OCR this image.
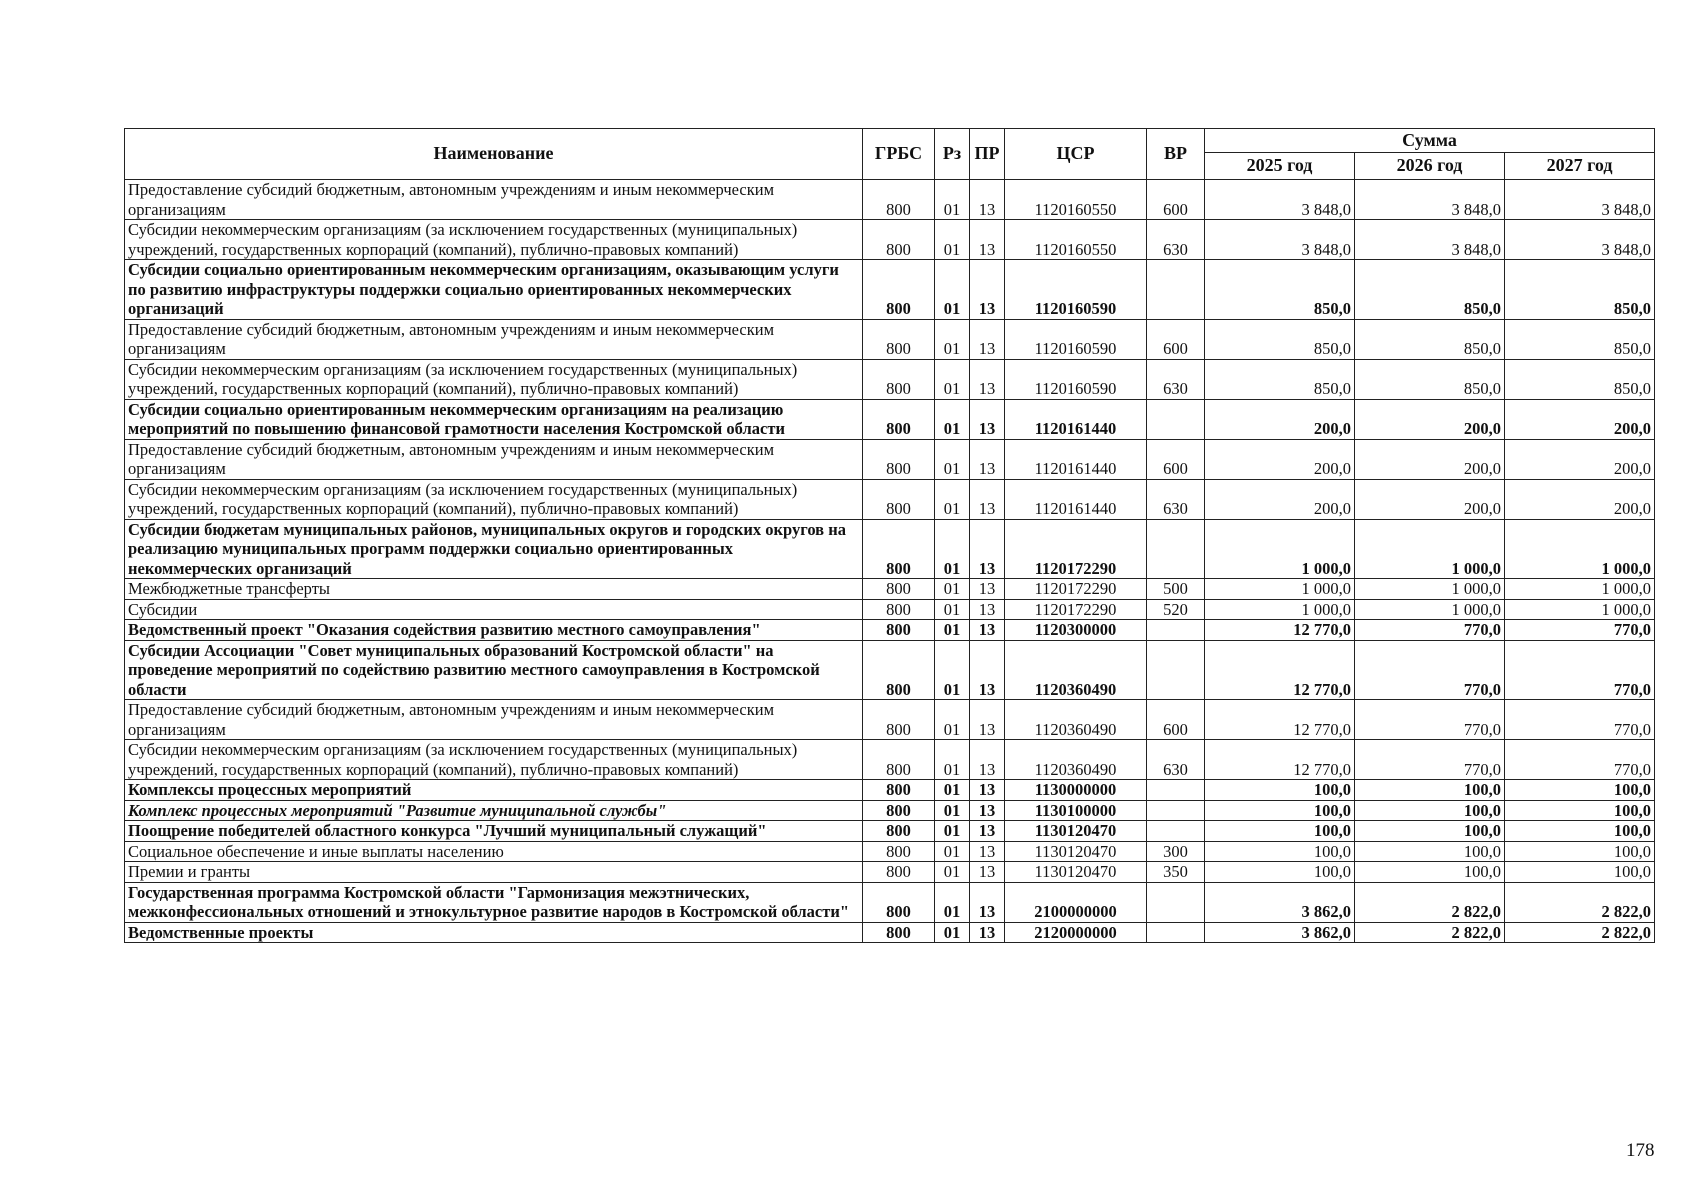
Наименование	ГРБС	Рз	ПР	ЦСР	ВР	Сумма		
						2025 год	2026 год	2027 год
Предоставление субсидий бюджетным, автономным учреждениям и иным некоммерческим организациям	800	01	13	1120160550	600	3 848,0	3 848,0	3 848,0
Субсидии некоммерческим организациям (за исключением государственных (муниципальных) учреждений, государственных корпораций (компаний), публично-правовых компаний)	800	01	13	1120160550	630	3 848,0	3 848,0	3 848,0
Субсидии социально ориентированным некоммерческим организациям, оказывающим услуги по развитию инфраструктуры поддержки социально ориентированных некоммерческих организаций	800	01	13	1120160590		850,0	850,0	850,0
Предоставление субсидий бюджетным, автономным учреждениям и иным некоммерческим организациям	800	01	13	1120160590	600	850,0	850,0	850,0
Субсидии некоммерческим организациям (за исключением государственных (муниципальных) учреждений, государственных корпораций (компаний), публично-правовых компаний)	800	01	13	1120160590	630	850,0	850,0	850,0
Субсидии социально ориентированным некоммерческим организациям на реализацию мероприятий по повышению финансовой грамотности населения Костромской области	800	01	13	1120161440		200,0	200,0	200,0
Предоставление субсидий бюджетным, автономным учреждениям и иным некоммерческим организациям	800	01	13	1120161440	600	200,0	200,0	200,0
Субсидии некоммерческим организациям (за исключением государственных (муниципальных) учреждений, государственных корпораций (компаний), публично-правовых компаний)	800	01	13	1120161440	630	200,0	200,0	200,0
Субсидии бюджетам муниципальных районов, муниципальных округов и городских округов на реализацию муниципальных программ поддержки социально ориентированных некоммерческих организаций	800	01	13	1120172290		1 000,0	1 000,0	1 000,0
Межбюджетные трансферты	800	01	13	1120172290	500	1 000,0	1 000,0	1 000,0
Субсидии	800	01	13	1120172290	520	1 000,0	1 000,0	1 000,0
Ведомственный проект "Оказания содействия развитию местного самоуправления"	800	01	13	1120300000		12 770,0	770,0	770,0
Субсидии Ассоциации "Совет муниципальных образований Костромской области" на проведение мероприятий по содействию развитию местного самоуправления в Костромской области	800	01	13	1120360490		12 770,0	770,0	770,0
Предоставление субсидий бюджетным, автономным учреждениям и иным некоммерческим организациям	800	01	13	1120360490	600	12 770,0	770,0	770,0
Субсидии некоммерческим организациям (за исключением государственных (муниципальных) учреждений, государственных корпораций (компаний), публично-правовых компаний)	800	01	13	1120360490	630	12 770,0	770,0	770,0
Комплексы процессных мероприятий	800	01	13	1130000000		100,0	100,0	100,0
Комплекс процессных мероприятий "Развитие муниципальной службы"	800	01	13	1130100000		100,0	100,0	100,0
Поощрение победителей областного конкурса "Лучший муниципальный служащий"	800	01	13	1130120470		100,0	100,0	100,0
Социальное обеспечение и иные выплаты населению	800	01	13	1130120470	300	100,0	100,0	100,0
Премии и гранты	800	01	13	1130120470	350	100,0	100,0	100,0
Государственная программа Костромской области "Гармонизация межэтнических, межконфессиональных отношений и этнокультурное развитие народов в Костромской области"	800	01	13	2100000000		3 862,0	2 822,0	2 822,0
Ведомственные проекты	800	01	13	2120000000		3 862,0	2 822,0	2 822,0
178
